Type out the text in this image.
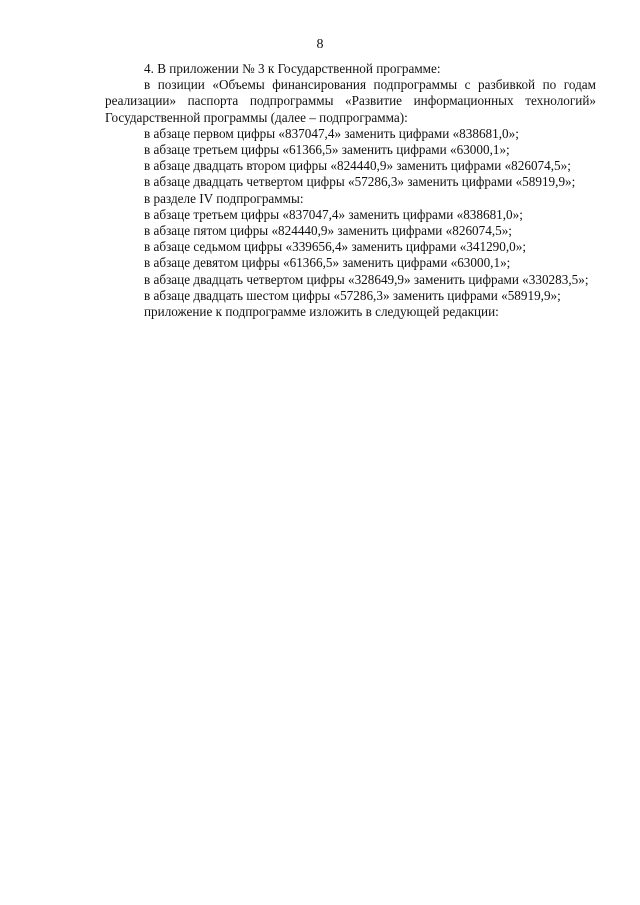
8

4. В приложении № 3 к Государственной программе:

в позиции «Объемы финансирования подпрограммы с разбивкой по годам реализации» паспорта подпрограммы «Развитие информационных технологий» Государственной программы (далее – подпрограмма):

в абзаце первом цифры «837047,4» заменить цифрами «838681,0»;

в абзаце третьем цифры «61366,5» заменить цифрами «63000,1»;

в абзаце двадцать втором цифры «824440,9» заменить цифрами «826074,5»;

в абзаце двадцать четвертом цифры «57286,3» заменить цифрами «58919,9»;

в разделе IV подпрограммы:

в абзаце третьем цифры «837047,4» заменить цифрами «838681,0»;

в абзаце пятом цифры «824440,9» заменить цифрами «826074,5»;

в абзаце седьмом цифры «339656,4» заменить цифрами «341290,0»;

в абзаце девятом цифры «61366,5» заменить цифрами «63000,1»;

в абзаце двадцать четвертом цифры «328649,9» заменить цифрами «330283,5»;

в абзаце двадцать шестом цифры «57286,3» заменить цифрами «58919,9»;

приложение к подпрограмме изложить в следующей редакции:
